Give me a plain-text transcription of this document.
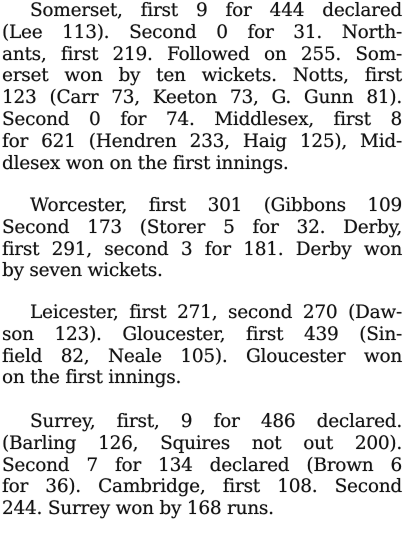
Somerset, first 9 for 444 declared
(Lee 113). Second 0 for 31. North-
ants, first 219. Followed on 255. Som-
erset won by ten wickets. Notts, first
123 (Carr 73, Keeton 73, G. Gunn 81).
Second 0 for 74. Middlesex, first 8
for 621 (Hendren 233, Haig 125), Mid-
dlesex won on the first innings.
Worcester, first 301 (Gibbons 109
Second 173 (Storer 5 for 32. Derby,
first 291, second 3 for 181. Derby won
by seven wickets.
Leicester, first 271, second 270 (Daw-
son 123). Gloucester, first 439 (Sin-
field 82, Neale 105). Gloucester won
on the first innings.
Surrey, first, 9 for 486 declared.
(Barling 126, Squires not out 200).
Second 7 for 134 declared (Brown 6
for 36). Cambridge, first 108. Second
244. Surrey won by 168 runs.
